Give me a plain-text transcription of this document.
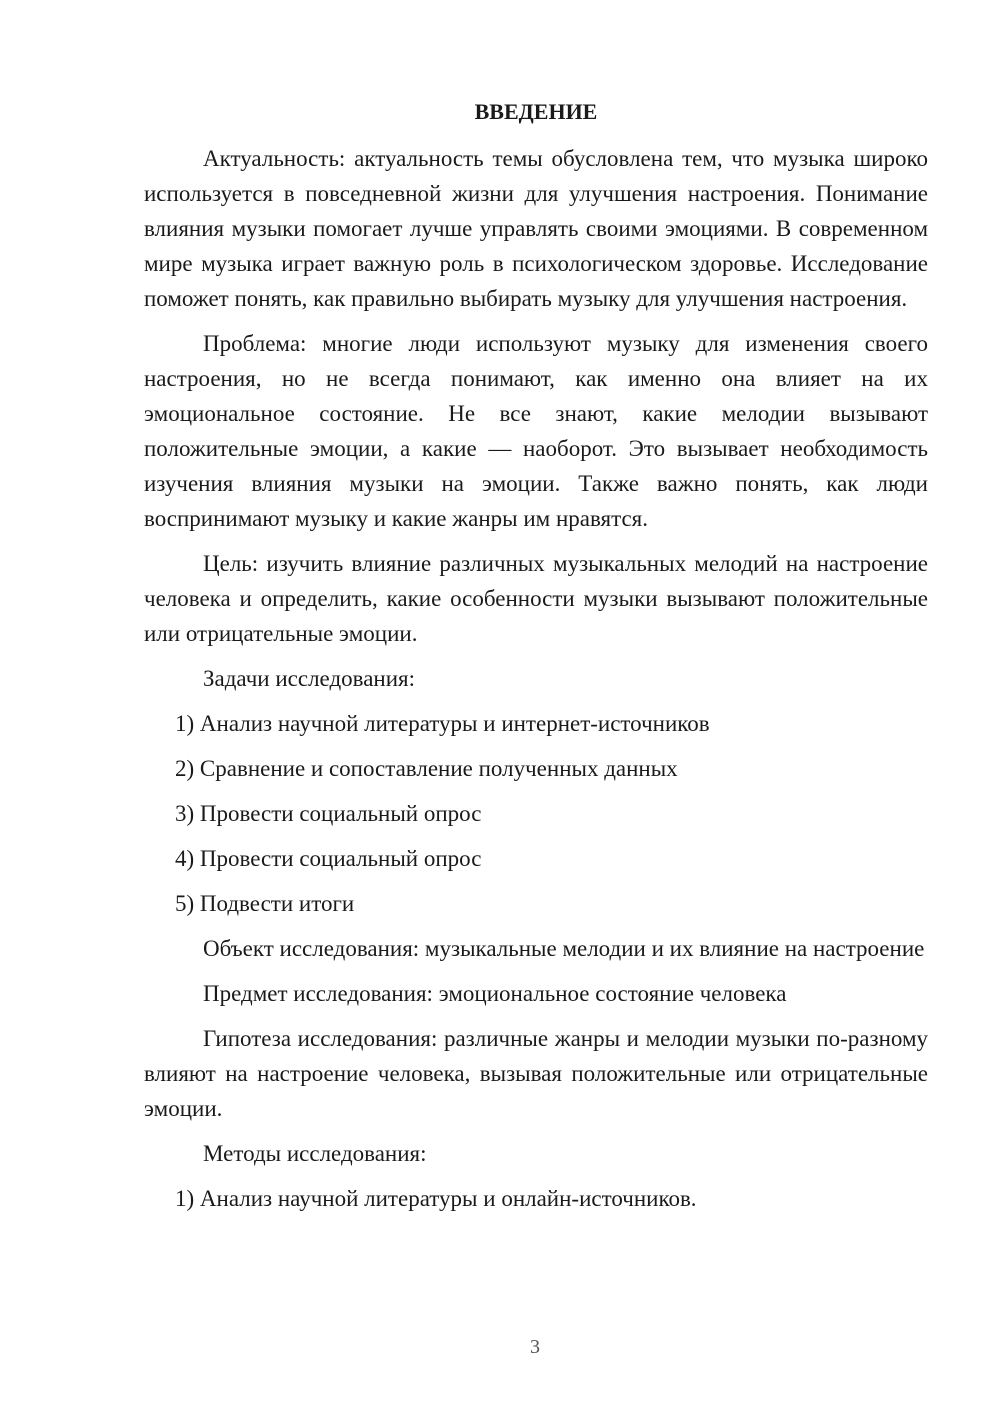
ВВЕДЕНИЕ

Актуальность: актуальность темы обусловлена тем, что музыка широко используется в повседневной жизни для улучшения настроения. Понимание влияния музыки помогает лучше управлять своими эмоциями. В современном мире музыка играет важную роль в психологическом здоровье. Исследование поможет понять, как правильно выбирать музыку для улучшения настроения.

Проблема: многие люди используют музыку для изменения своего настроения, но не всегда понимают, как именно она влияет на их эмоциональное состояние. Не все знают, какие мелодии вызывают положительные эмоции, а какие — наоборот. Это вызывает необходимость изучения влияния музыки на эмоции. Также важно понять, как люди воспринимают музыку и какие жанры им нравятся.

Цель: изучить влияние различных музыкальных мелодий на настроение человека и определить, какие особенности музыки вызывают положительные или отрицательные эмоции.

Задачи исследования:

1) Анализ научной литературы и интернет-источников
2) Сравнение и сопоставление полученных данных
3) Провести социальный опрос
4) Провести социальный опрос
5) Подвести итоги

Объект исследования: музыкальные мелодии и их влияние на настроение

Предмет исследования: эмоциональное состояние человека

Гипотеза исследования: различные жанры и мелодии музыки по-разному влияют на настроение человека, вызывая положительные или отрицательные эмоции.

Методы исследования:

1) Анализ научной литературы и онлайн-источников.
3
